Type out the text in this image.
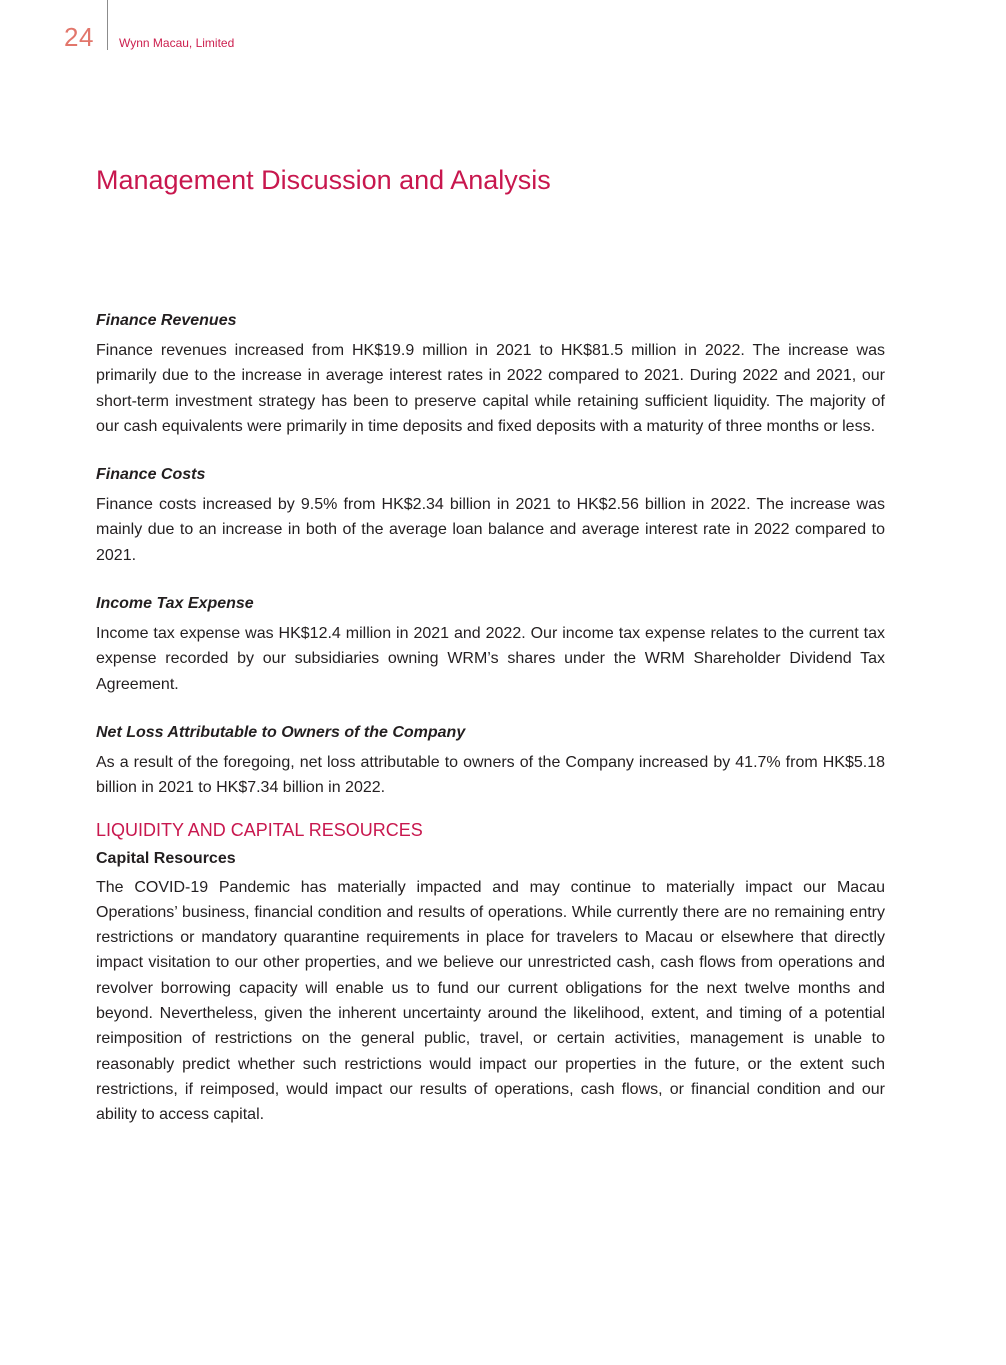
24 Wynn Macau, Limited
Management Discussion and Analysis
Finance Revenues

Finance revenues increased from HK$19.9 million in 2021 to HK$81.5 million in 2022. The increase was primarily due to the increase in average interest rates in 2022 compared to 2021. During 2022 and 2021, our short-term investment strategy has been to preserve capital while retaining sufficient liquidity. The majority of our cash equivalents were primarily in time deposits and fixed deposits with a maturity of three months or less.

Finance Costs

Finance costs increased by 9.5% from HK$2.34 billion in 2021 to HK$2.56 billion in 2022. The increase was mainly due to an increase in both of the average loan balance and average interest rate in 2022 compared to 2021.

Income Tax Expense

Income tax expense was HK$12.4 million in 2021 and 2022. Our income tax expense relates to the current tax expense recorded by our subsidiaries owning WRM’s shares under the WRM Shareholder Dividend Tax Agreement.

Net Loss Attributable to Owners of the Company

As a result of the foregoing, net loss attributable to owners of the Company increased by 41.7% from HK$5.18 billion in 2021 to HK$7.34 billion in 2022.

LIQUIDITY AND CAPITAL RESOURCES
Capital Resources

The COVID-19 Pandemic has materially impacted and may continue to materially impact our Macau Operations’ business, financial condition and results of operations. While currently there are no remaining entry restrictions or mandatory quarantine requirements in place for travelers to Macau or elsewhere that directly impact visitation to our other properties, and we believe our unrestricted cash, cash flows from operations and revolver borrowing capacity will enable us to fund our current obligations for the next twelve months and beyond. Nevertheless, given the inherent uncertainty around the likelihood, extent, and timing of a potential reimposition of restrictions on the general public, travel, or certain activities, management is unable to reasonably predict whether such restrictions would impact our properties in the future, or the extent such restrictions, if reimposed, would impact our results of operations, cash flows, or financial condition and our ability to access capital.
